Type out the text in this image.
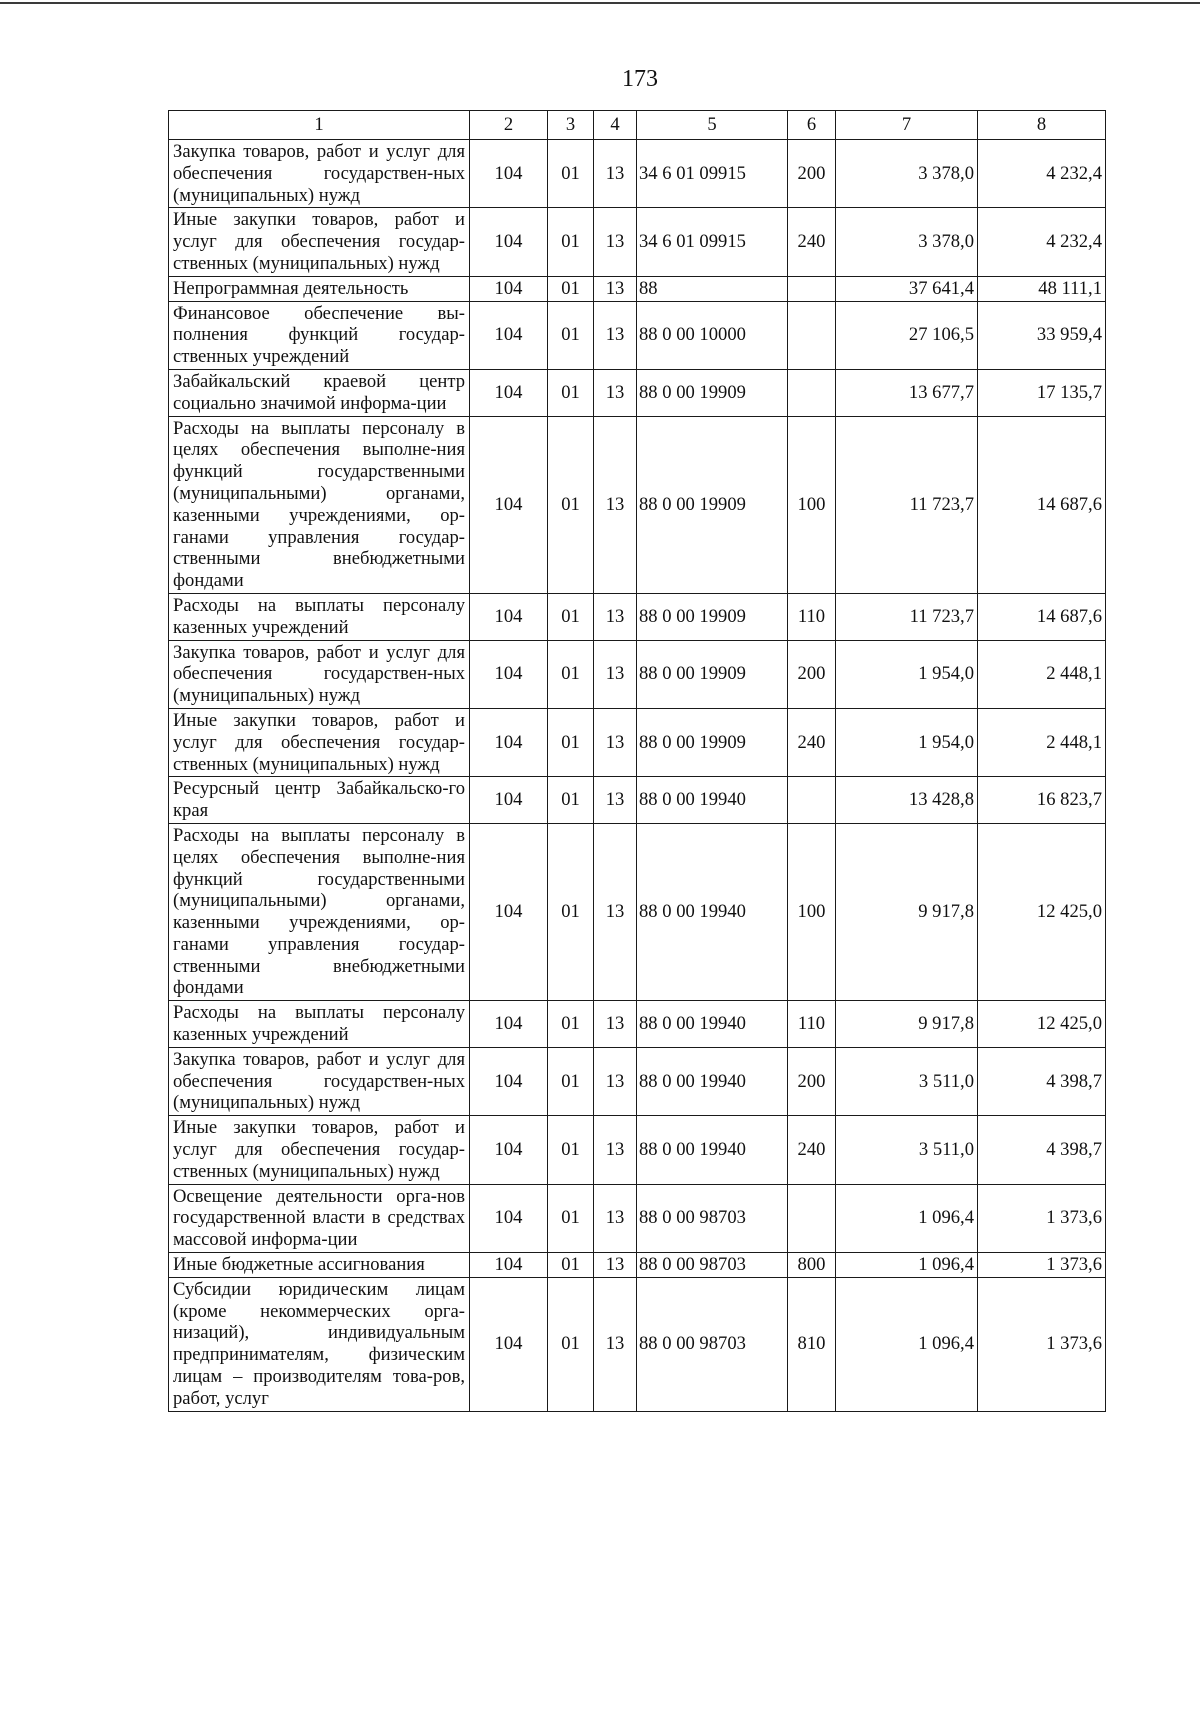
173
1	2	3	4	5	6	7	8
Закупка товаров, работ и услуг для обеспечения государствен-ных (муниципальных) нужд	104	01	13	34 6 01 09915	200	3 378,0	4 232,4
Иные закупки товаров, работ и услуг для обеспечения государ-ственных (муниципальных) нужд	104	01	13	34 6 01 09915	240	3 378,0	4 232,4
Непрограммная деятельность	104	01	13	88		37 641,4	48 111,1
Финансовое обеспечение вы-полнения функций государ-ственных учреждений	104	01	13	88 0 00 10000		27 106,5	33 959,4
Забайкальский краевой центр социально значимой информа-ции	104	01	13	88 0 00 19909		13 677,7	17 135,7
Расходы на выплаты персоналу в целях обеспечения выполне-ния функций государственными (муниципальными) органами, казенными учреждениями, ор-ганами управления государ-ственными внебюджетными фондами	104	01	13	88 0 00 19909	100	11 723,7	14 687,6
Расходы на выплаты персоналу казенных учреждений	104	01	13	88 0 00 19909	110	11 723,7	14 687,6
Закупка товаров, работ и услуг для обеспечения государствен-ных (муниципальных) нужд	104	01	13	88 0 00 19909	200	1 954,0	2 448,1
Иные закупки товаров, работ и услуг для обеспечения государ-ственных (муниципальных) нужд	104	01	13	88 0 00 19909	240	1 954,0	2 448,1
Ресурсный центр Забайкальско-го края	104	01	13	88 0 00 19940		13 428,8	16 823,7
Расходы на выплаты персоналу в целях обеспечения выполне-ния функций государственными (муниципальными) органами, казенными учреждениями, ор-ганами управления государ-ственными внебюджетными фондами	104	01	13	88 0 00 19940	100	9 917,8	12 425,0
Расходы на выплаты персоналу казенных учреждений	104	01	13	88 0 00 19940	110	9 917,8	12 425,0
Закупка товаров, работ и услуг для обеспечения государствен-ных (муниципальных) нужд	104	01	13	88 0 00 19940	200	3 511,0	4 398,7
Иные закупки товаров, работ и услуг для обеспечения государ-ственных (муниципальных) нужд	104	01	13	88 0 00 19940	240	3 511,0	4 398,7
Освещение деятельности орга-нов государственной власти в средствах массовой информа-ции	104	01	13	88 0 00 98703		1 096,4	1 373,6
Иные бюджетные ассигнования	104	01	13	88 0 00 98703	800	1 096,4	1 373,6
Субсидии юридическим лицам (кроме некоммерческих орга-низаций), индивидуальным предпринимателям, физическим лицам – производителям това-ров, работ, услуг	104	01	13	88 0 00 98703	810	1 096,4	1 373,6
